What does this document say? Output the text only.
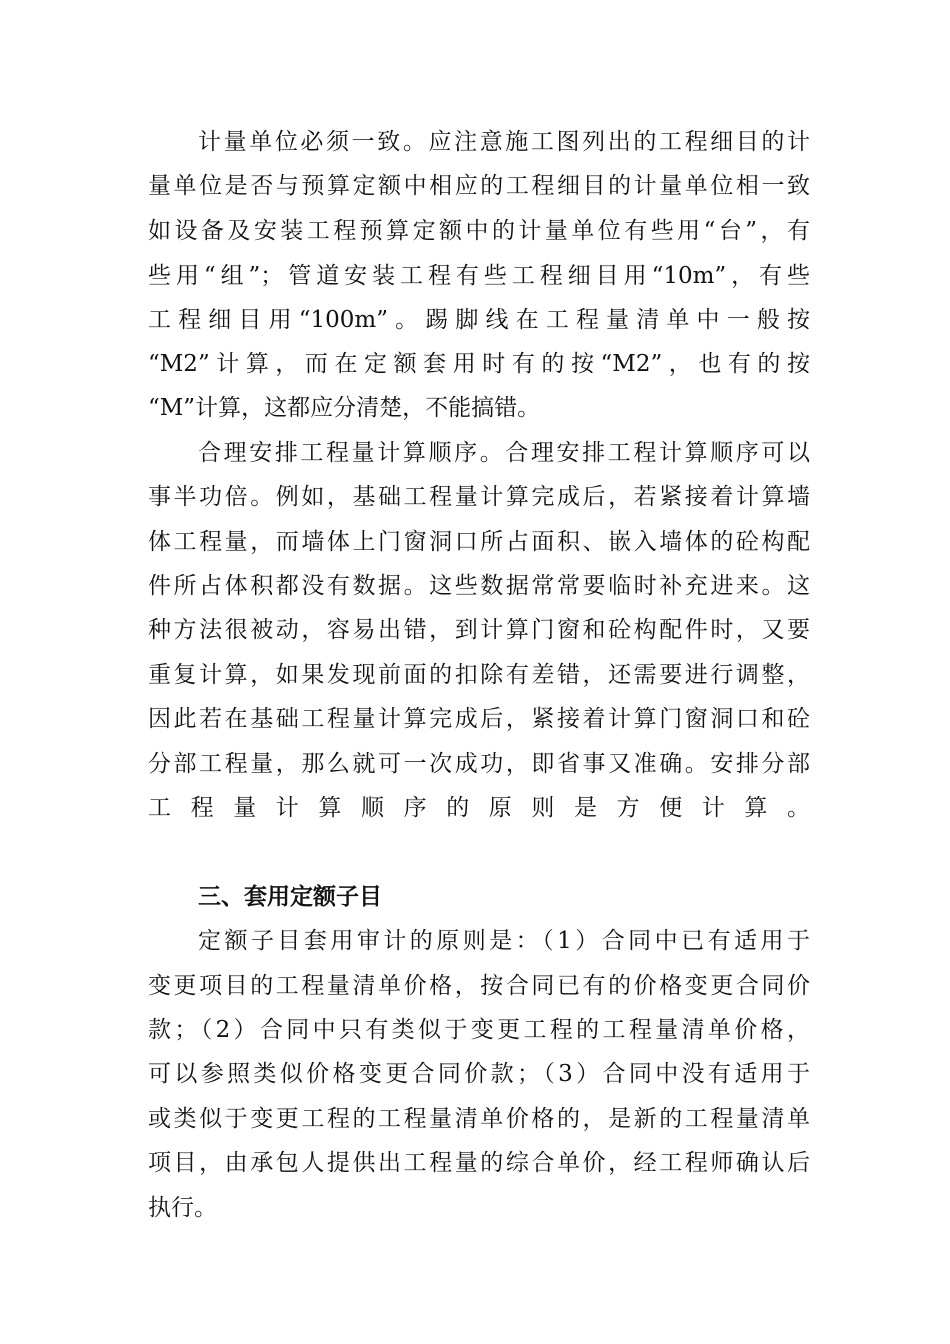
计量单位必须一致。应注意施工图列出的工程细目的计
量单位是否与预算定额中相应的工程细目的计量单位相一致
如设备及安装工程预算定额中的计量单位有些用“台”，有
些用“组”；管道安装工程有些工程细目用“10m”，有些
工程细目用“100m”。踢脚线在工程量清单中一般按
“M2”计算，而在定额套用时有的按“M2”，也有的按
“M”计算，这都应分清楚，不能搞错。
合理安排工程量计算顺序。合理安排工程计算顺序可以
事半功倍。例如，基础工程量计算完成后，若紧接着计算墙
体工程量，而墙体上门窗洞口所占面积、嵌入墙体的砼构配
件所占体积都没有数据。这些数据常常要临时补充进来。这
种方法很被动，容易出错，到计算门窗和砼构配件时，又要
重复计算，如果发现前面的扣除有差错，还需要进行调整，
因此若在基础工程量计算完成后，紧接着计算门窗洞口和砼
分部工程量，那么就可一次成功，即省事又准确。安排分部
工程量计算顺序的原则是方便计算。
三、套用定额子目
定额子目套用审计的原则是：（1）合同中已有适用于
变更项目的工程量清单价格，按合同已有的价格变更合同价
款；（2）合同中只有类似于变更工程的工程量清单价格，
可以参照类似价格变更合同价款；（3）合同中没有适用于
或类似于变更工程的工程量清单价格的，是新的工程量清单
项目，由承包人提供出工程量的综合单价，经工程师确认后
执行。
